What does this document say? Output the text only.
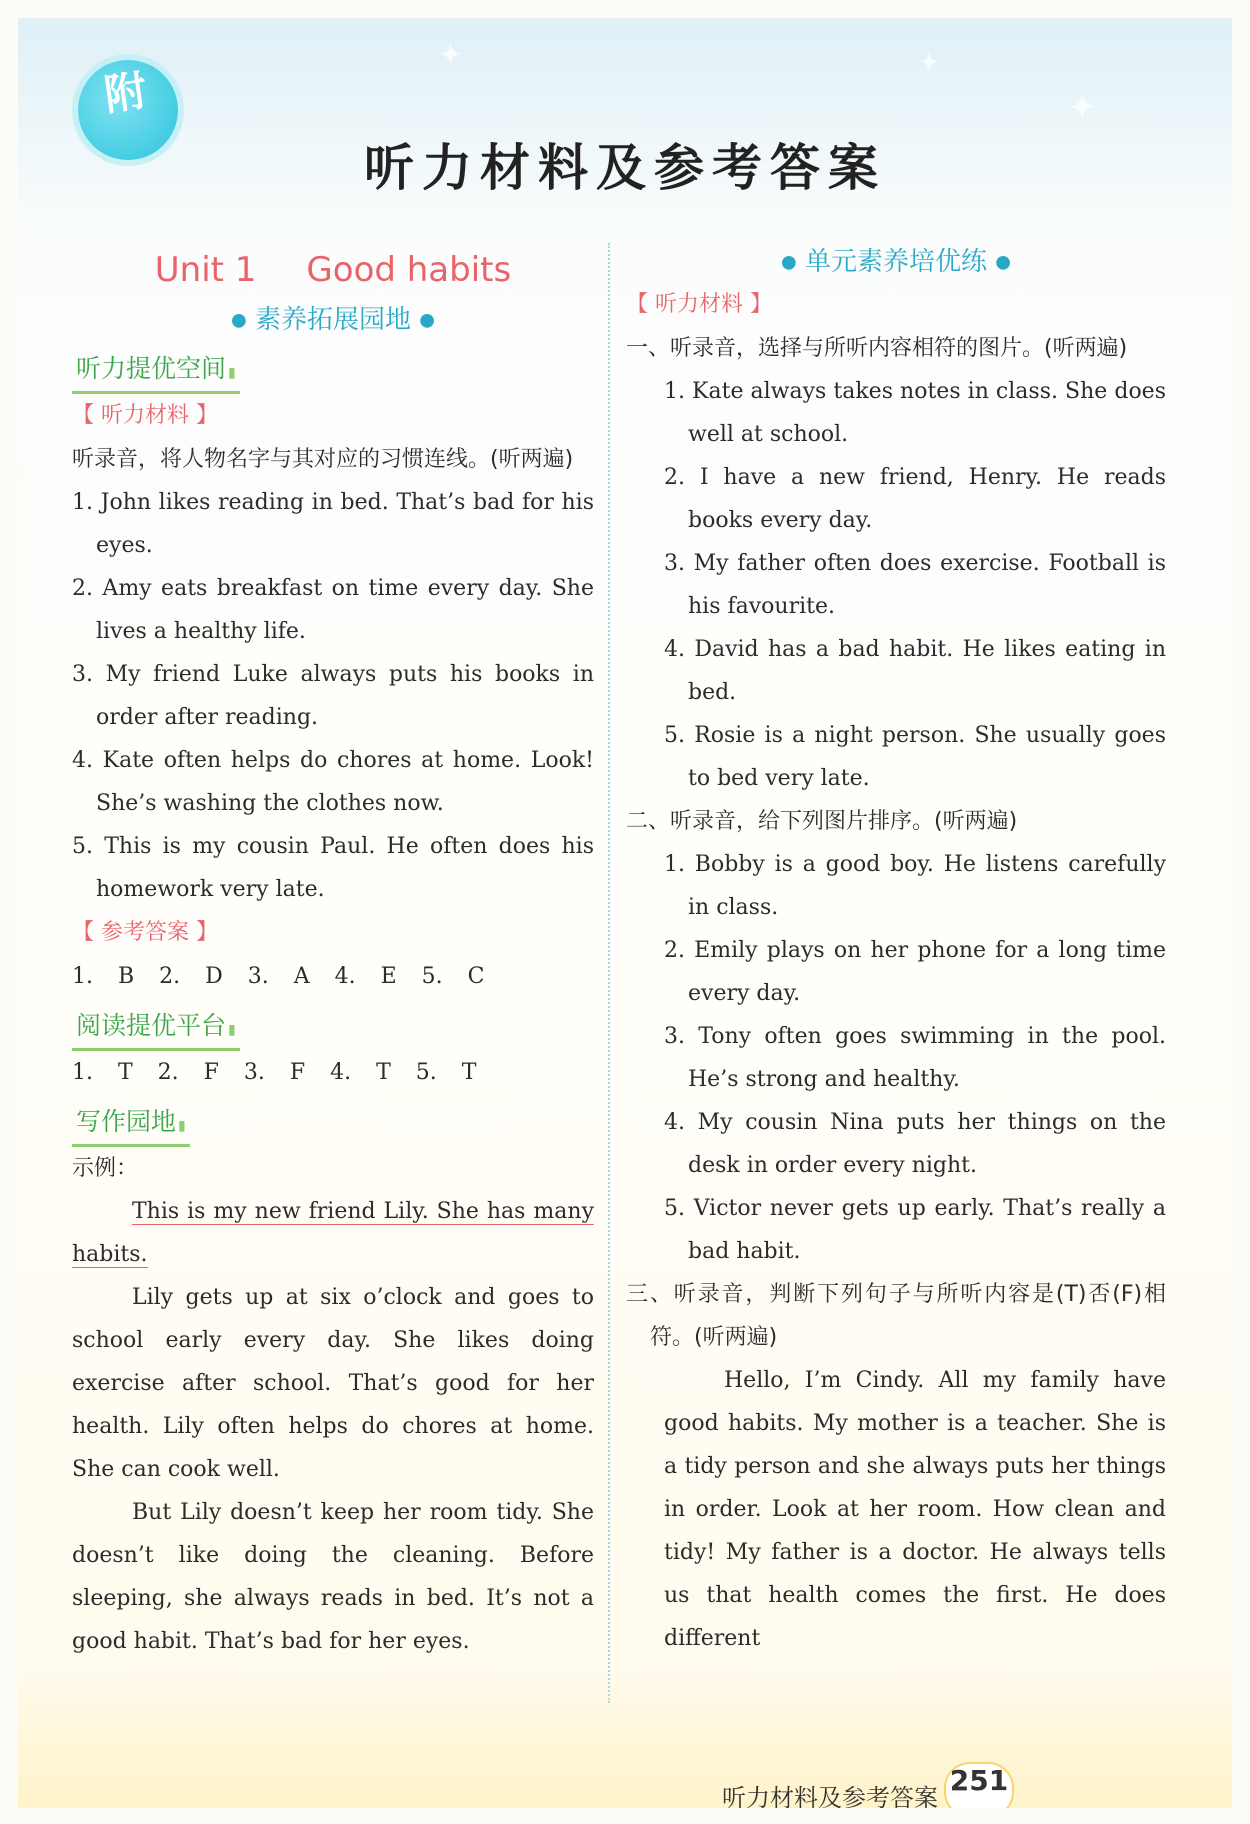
✦	✦
✦
附
听力材料及参考答案
Unit 1 Good habits
● 素养拓展园地 ●
听力提优空间 ▮
【 听力材料 】

听录音，将人物名字与其对应的习惯连线。(听两遍)

1. John likes reading in bed. That’s bad for his eyes.

2. Amy eats breakfast on time every day. She lives a healthy life.

3. My friend Luke always puts his books in order after reading.

4. Kate often helps do chores at home. Look! She’s washing the clothes now.

5. This is my cousin Paul. He often does his homework very late.

【 参考答案 】

1. B 2. D 3. A 4. E 5. C

阅读提优平台 ▮

1. T 2. F 3. F 4. T 5. T

写作园地 ▮

示例：

This is my new friend Lily. She has many habits.

Lily gets up at six o’clock and goes to school early every day. She likes doing exercise after school. That’s good for her health. Lily often helps do chores at home. She can cook well.

But Lily doesn’t keep her room tidy. She doesn’t like doing the cleaning. Before sleeping, she always reads in bed. It’s not a good habit. That’s bad for her eyes.

● 单元素养培优练 ●
【 听力材料 】

一、听录音，选择与所听内容相符的图片。(听两遍)

1. Kate always takes notes in class. She does well at school.

2. I have a new friend, Henry. He reads books every day.

3. My father often does exercise. Football is his favourite.

4. David has a bad habit. He likes eating in bed.

5. Rosie is a night person. She usually goes to bed very late.

二、听录音，给下列图片排序。(听两遍)

1. Bobby is a good boy. He listens carefully in class.

2. Emily plays on her phone for a long time every day.

3. Tony often goes swimming in the pool. He’s strong and healthy.

4. My cousin Nina puts her things on the desk in order every night.

5. Victor never gets up early. That’s really a bad habit.

三、听录音，判断下列句子与所听内容是(T)否(F)相符。(听两遍)

Hello, I’m Cindy. All my family have good habits. My mother is a teacher. She is a tidy person and she always puts her things in order. Look at her room. How clean and tidy! My father is a doctor. He always tells us that health comes the first. He does different

听力材料及参考答案
251
